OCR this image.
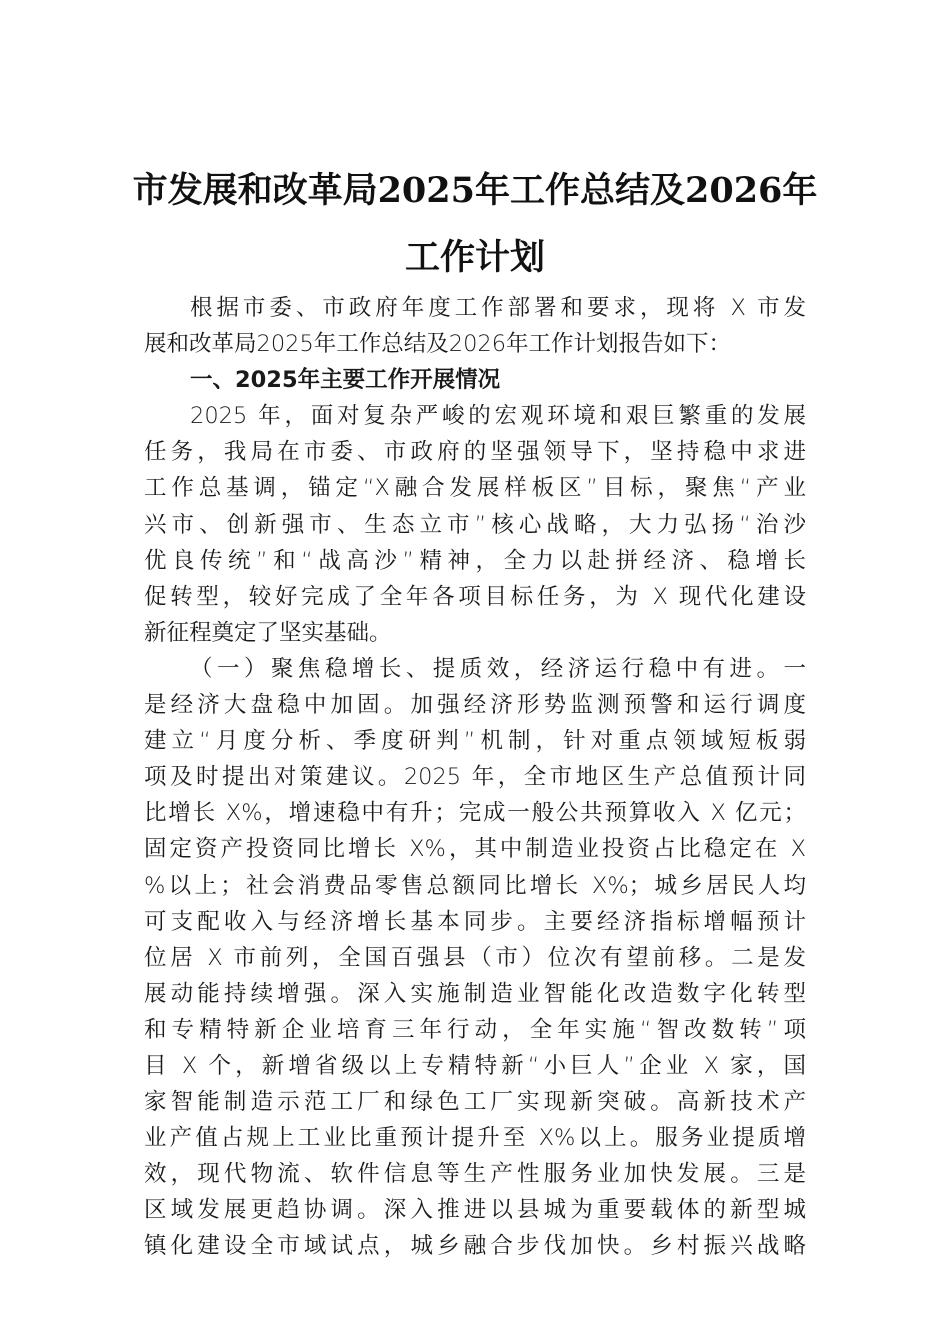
市发展和改革局2025年工作总结及2026年
工作计划
根据市委、市政府年度工作部署和要求，现将 X 市发
展和改革局2025年工作总结及2026年工作计划报告如下：
一、2025年主要工作开展情况
2025 年，面对复杂严峻的宏观环境和艰巨繁重的发展
任务，我局在市委、市政府的坚强领导下，坚持稳中求进
工作总基调，锚定“X融合发展样板区”目标，聚焦“产业
兴市、创新强市、生态立市”核心战略，大力弘扬“治沙
优良传统”和“战高沙”精神，全力以赴拼经济、稳增长
促转型，较好完成了全年各项目标任务，为 X 现代化建设
新征程奠定了坚实基础。
（一）聚焦稳增长、提质效，经济运行稳中有进。一
是经济大盘稳中加固。加强经济形势监测预警和运行调度
建立“月度分析、季度研判”机制，针对重点领域短板弱
项及时提出对策建议。2025 年，全市地区生产总值预计同
比增长 X%，增速稳中有升；完成一般公共预算收入 X 亿元；
固定资产投资同比增长 X%，其中制造业投资占比稳定在 X
%以上；社会消费品零售总额同比增长 X%；城乡居民人均
可支配收入与经济增长基本同步。主要经济指标增幅预计
位居 X 市前列，全国百强县（市）位次有望前移。二是发
展动能持续增强。深入实施制造业智能化改造数字化转型
和专精特新企业培育三年行动，全年实施“智改数转”项
目 X 个，新增省级以上专精特新“小巨人”企业 X 家，国
家智能制造示范工厂和绿色工厂实现新突破。高新技术产
业产值占规上工业比重预计提升至 X%以上。服务业提质增
效，现代物流、软件信息等生产性服务业加快发展。三是
区域发展更趋协调。深入推进以县城为重要载体的新型城
镇化建设全市域试点，城乡融合步伐加快。乡村振兴战略
